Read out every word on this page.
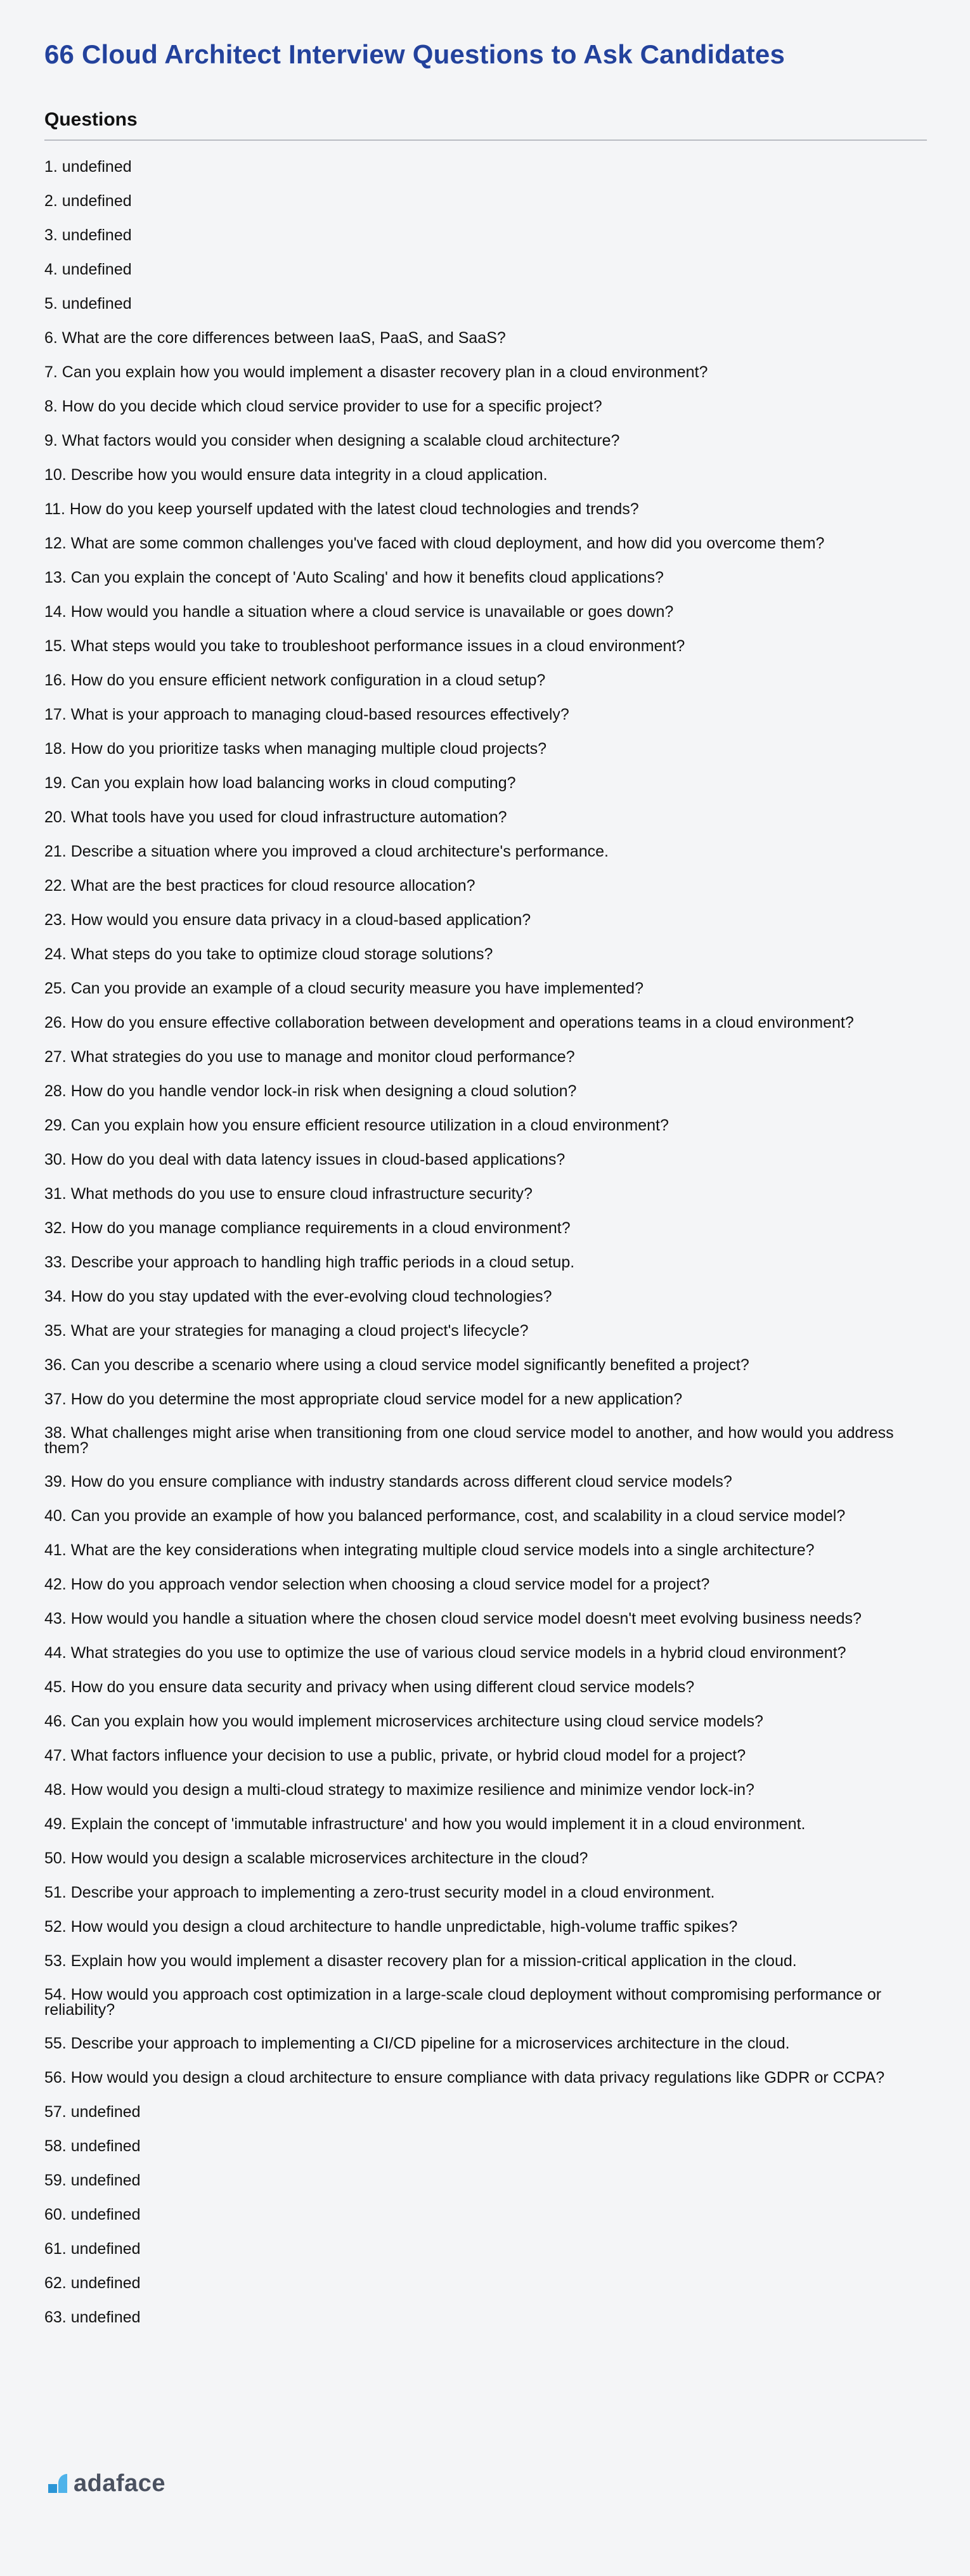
66 Cloud Architect Interview Questions to Ask Candidates
Questions
1. undefined
2. undefined
3. undefined
4. undefined
5. undefined
6. What are the core differences between IaaS, PaaS, and SaaS?
7. Can you explain how you would implement a disaster recovery plan in a cloud environment?
8. How do you decide which cloud service provider to use for a specific project?
9. What factors would you consider when designing a scalable cloud architecture?
10. Describe how you would ensure data integrity in a cloud application.
11. How do you keep yourself updated with the latest cloud technologies and trends?
12. What are some common challenges you've faced with cloud deployment, and how did you overcome them?
13. Can you explain the concept of 'Auto Scaling' and how it benefits cloud applications?
14. How would you handle a situation where a cloud service is unavailable or goes down?
15. What steps would you take to troubleshoot performance issues in a cloud environment?
16. How do you ensure efficient network configuration in a cloud setup?
17. What is your approach to managing cloud-based resources effectively?
18. How do you prioritize tasks when managing multiple cloud projects?
19. Can you explain how load balancing works in cloud computing?
20. What tools have you used for cloud infrastructure automation?
21. Describe a situation where you improved a cloud architecture's performance.
22. What are the best practices for cloud resource allocation?
23. How would you ensure data privacy in a cloud-based application?
24. What steps do you take to optimize cloud storage solutions?
25. Can you provide an example of a cloud security measure you have implemented?
26. How do you ensure effective collaboration between development and operations teams in a cloud environment?
27. What strategies do you use to manage and monitor cloud performance?
28. How do you handle vendor lock-in risk when designing a cloud solution?
29. Can you explain how you ensure efficient resource utilization in a cloud environment?
30. How do you deal with data latency issues in cloud-based applications?
31. What methods do you use to ensure cloud infrastructure security?
32. How do you manage compliance requirements in a cloud environment?
33. Describe your approach to handling high traffic periods in a cloud setup.
34. How do you stay updated with the ever-evolving cloud technologies?
35. What are your strategies for managing a cloud project's lifecycle?
36. Can you describe a scenario where using a cloud service model significantly benefited a project?
37. How do you determine the most appropriate cloud service model for a new application?
38. What challenges might arise when transitioning from one cloud service model to another, and how would you address them?
39. How do you ensure compliance with industry standards across different cloud service models?
40. Can you provide an example of how you balanced performance, cost, and scalability in a cloud service model?
41. What are the key considerations when integrating multiple cloud service models into a single architecture?
42. How do you approach vendor selection when choosing a cloud service model for a project?
43. How would you handle a situation where the chosen cloud service model doesn't meet evolving business needs?
44. What strategies do you use to optimize the use of various cloud service models in a hybrid cloud environment?
45. How do you ensure data security and privacy when using different cloud service models?
46. Can you explain how you would implement microservices architecture using cloud service models?
47. What factors influence your decision to use a public, private, or hybrid cloud model for a project?
48. How would you design a multi-cloud strategy to maximize resilience and minimize vendor lock-in?
49. Explain the concept of 'immutable infrastructure' and how you would implement it in a cloud environment.
50. How would you design a scalable microservices architecture in the cloud?
51. Describe your approach to implementing a zero-trust security model in a cloud environment.
52. How would you design a cloud architecture to handle unpredictable, high-volume traffic spikes?
53. Explain how you would implement a disaster recovery plan for a mission-critical application in the cloud.
54. How would you approach cost optimization in a large-scale cloud deployment without compromising performance or reliability?
55. Describe your approach to implementing a CI/CD pipeline for a microservices architecture in the cloud.
56. How would you design a cloud architecture to ensure compliance with data privacy regulations like GDPR or CCPA?
57. undefined
58. undefined
59. undefined
60. undefined
61. undefined
62. undefined
63. undefined
adaface
